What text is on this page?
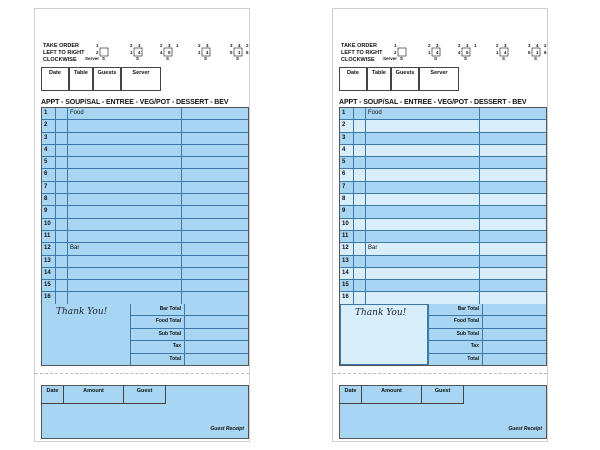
TAKE ORDER
LEFT TO RIGHT
CLOCKWISE
1
2
S
Server
2 3
1 4
S
2 3 1
4 5
S
2 3
1 4
S
3 4 2
5 1 6
S
Date	Table	Guests	Server
APPT - SOUP/SAL - ENTREE - VEG/POT - DESSERT - BEV
1	Food
2
3
4
5
6
7
8
9
10
11
12	Bar
13
14
15
16
Thank You!	Bar Total
Food Total
Sub Total
Tax
Total
Date	Amount	Guest
Guest Receipt
TAKE ORDER
LEFT TO RIGHT
CLOCKWISE
1
2
S
Server
2 3
1 4
S
2 3 1
4 5
S
2 3
1 4
S
3 4 2
5 1 6
S
Date	Table	Guests	Server
APPT - SOUP/SAL - ENTREE - VEG/POT - DESSERT - BEV
1	Food
2
3
4
5
6
7
8
9
10
11
12	Bar
13
14
15
16
Thank You!	Bar Total
Food Total
Sub Total
Tax
Total
Date	Amount	Guest
Guest Receipt
